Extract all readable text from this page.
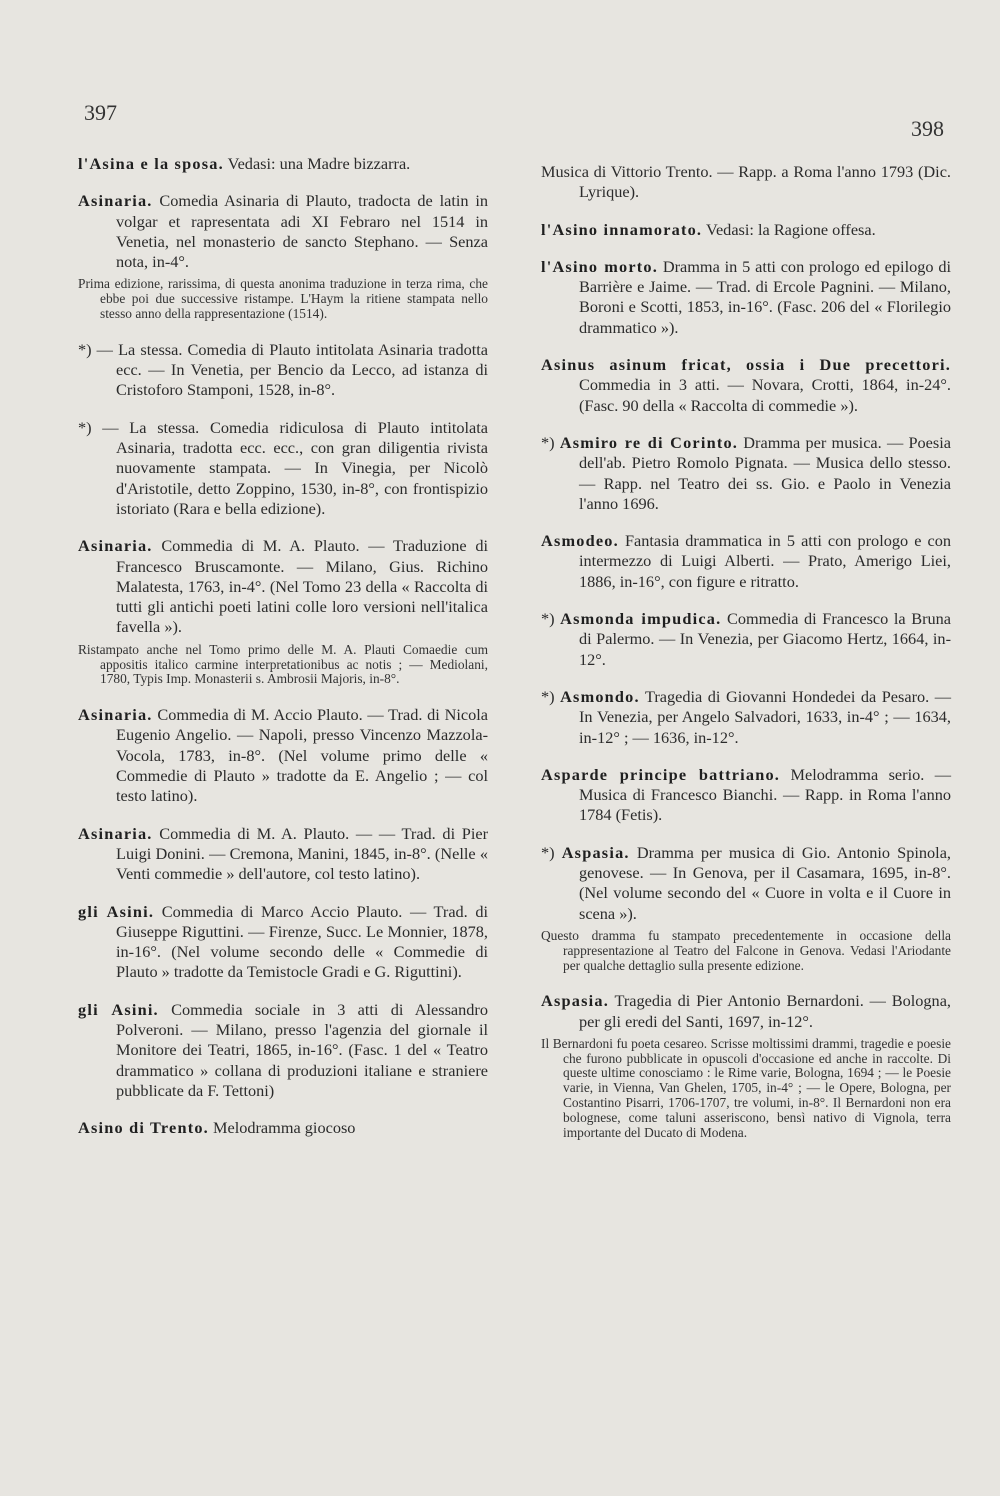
397
398

l'Asina e la sposa. Vedasi: una Madre bizzarra.

Asinaria. Comedia Asinaria di Plauto, tradocta de latin in volgar et rapresentata adi XI Febraro nel 1514 in Venetia, nel monasterio de sancto Stephano. — Senza nota, in-4°.

Prima edizione, rarissima, di questa anonima traduzione in terza rima, che ebbe poi due successive ristampe. L'Haym la ritiene stampata nello stesso anno della rappresentazione (1514).

*) — La stessa. Comedia di Plauto intitolata Asinaria tradotta ecc. — In Venetia, per Bencio da Lecco, ad istanza di Cristoforo Stamponi, 1528, in-8°.

*) — La stessa. Comedia ridiculosa di Plauto intitolata Asinaria, tradotta ecc. ecc., con gran diligentia rivista nuovamente stampata. — In Vinegia, per Nicolò d'Aristotile, detto Zoppino, 1530, in-8°, con frontispizio istoriato (Rara e bella edizione).

Asinaria. Commedia di M. A. Plauto. — Traduzione di Francesco Bruscamonte. — Milano, Gius. Richino Malatesta, 1763, in-4°. (Nel Tomo 23 della « Raccolta di tutti gli antichi poeti latini colle loro versioni nell'italica favella »).

Ristampato anche nel Tomo primo delle M. A. Plauti Comaedie cum appositis italico carmine interpretationibus ac notis ; — Mediolani, 1780, Typis Imp. Monasterii s. Ambrosii Majoris, in-8°.

Asinaria. Commedia di M. Accio Plauto. — Trad. di Nicola Eugenio Angelio. — Napoli, presso Vincenzo Mazzola-Vocola, 1783, in-8°. (Nel volume primo delle « Commedie di Plauto » tradotte da E. Angelio ; — col testo latino).

Asinaria. Commedia di M. A. Plauto. — — Trad. di Pier Luigi Donini. — Cremona, Manini, 1845, in-8°. (Nelle « Venti commedie » dell'autore, col testo latino).

gli Asini. Commedia di Marco Accio Plauto. — Trad. di Giuseppe Riguttini. — Firenze, Succ. Le Monnier, 1878, in-16°. (Nel volume secondo delle « Commedie di Plauto » tradotte da Temistocle Gradi e G. Riguttini).

gli Asini. Commedia sociale in 3 atti di Alessandro Polveroni. — Milano, presso l'agenzia del giornale il Monitore dei Teatri, 1865, in-16°. (Fasc. 1 del « Teatro drammatico » collana di produzioni italiane e straniere pubblicate da F. Tettoni)

Asino di Trento. Melodramma giocoso

Musica di Vittorio Trento. — Rapp. a Roma l'anno 1793 (Dic. Lyrique).

l'Asino innamorato. Vedasi: la Ragione offesa.

l'Asino morto. Dramma in 5 atti con prologo ed epilogo di Barrière e Jaime. — Trad. di Ercole Pagnini. — Milano, Boroni e Scotti, 1853, in-16°. (Fasc. 206 del « Florilegio drammatico »).

Asinus asinum fricat, ossia i Due precettori. Commedia in 3 atti. — Novara, Crotti, 1864, in-24°. (Fasc. 90 della « Raccolta di commedie »).

*) Asmiro re di Corinto. Dramma per musica. — Poesia dell'ab. Pietro Romolo Pignata. — Musica dello stesso. — Rapp. nel Teatro dei ss. Gio. e Paolo in Venezia l'anno 1696.

Asmodeo. Fantasia drammatica in 5 atti con prologo e con intermezzo di Luigi Alberti. — Prato, Amerigo Liei, 1886, in-16°, con figure e ritratto.

*) Asmonda impudica. Commedia di Francesco la Bruna di Palermo. — In Venezia, per Giacomo Hertz, 1664, in-12°.

*) Asmondo. Tragedia di Giovanni Hondedei da Pesaro. — In Venezia, per Angelo Salvadori, 1633, in-4° ; — 1634, in-12° ; — 1636, in-12°.

Asparde principe battriano. Melodramma serio. — Musica di Francesco Bianchi. — Rapp. in Roma l'anno 1784 (Fetis).

*) Aspasia. Dramma per musica di Gio. Antonio Spinola, genovese. — In Genova, per il Casamara, 1695, in-8°. (Nel volume secondo del « Cuore in volta e il Cuore in scena »).

Questo dramma fu stampato precedentemente in occasione della rappresentazione al Teatro del Falcone in Genova. Vedasi l'Ariodante per qualche dettaglio sulla presente edizione.

Aspasia. Tragedia di Pier Antonio Bernardoni. — Bologna, per gli eredi del Santi, 1697, in-12°.

Il Bernardoni fu poeta cesareo. Scrisse moltissimi drammi, tragedie e poesie che furono pubblicate in opuscoli d'occasione ed anche in raccolte. Di queste ultime conosciamo : le Rime varie, Bologna, 1694 ; — le Poesie varie, in Vienna, Van Ghelen, 1705, in-4° ; — le Opere, Bologna, per Costantino Pisarri, 1706-1707, tre volumi, in-8°. Il Bernardoni non era bolognese, come taluni asseriscono, bensì nativo di Vignola, terra importante del Ducato di Modena.
